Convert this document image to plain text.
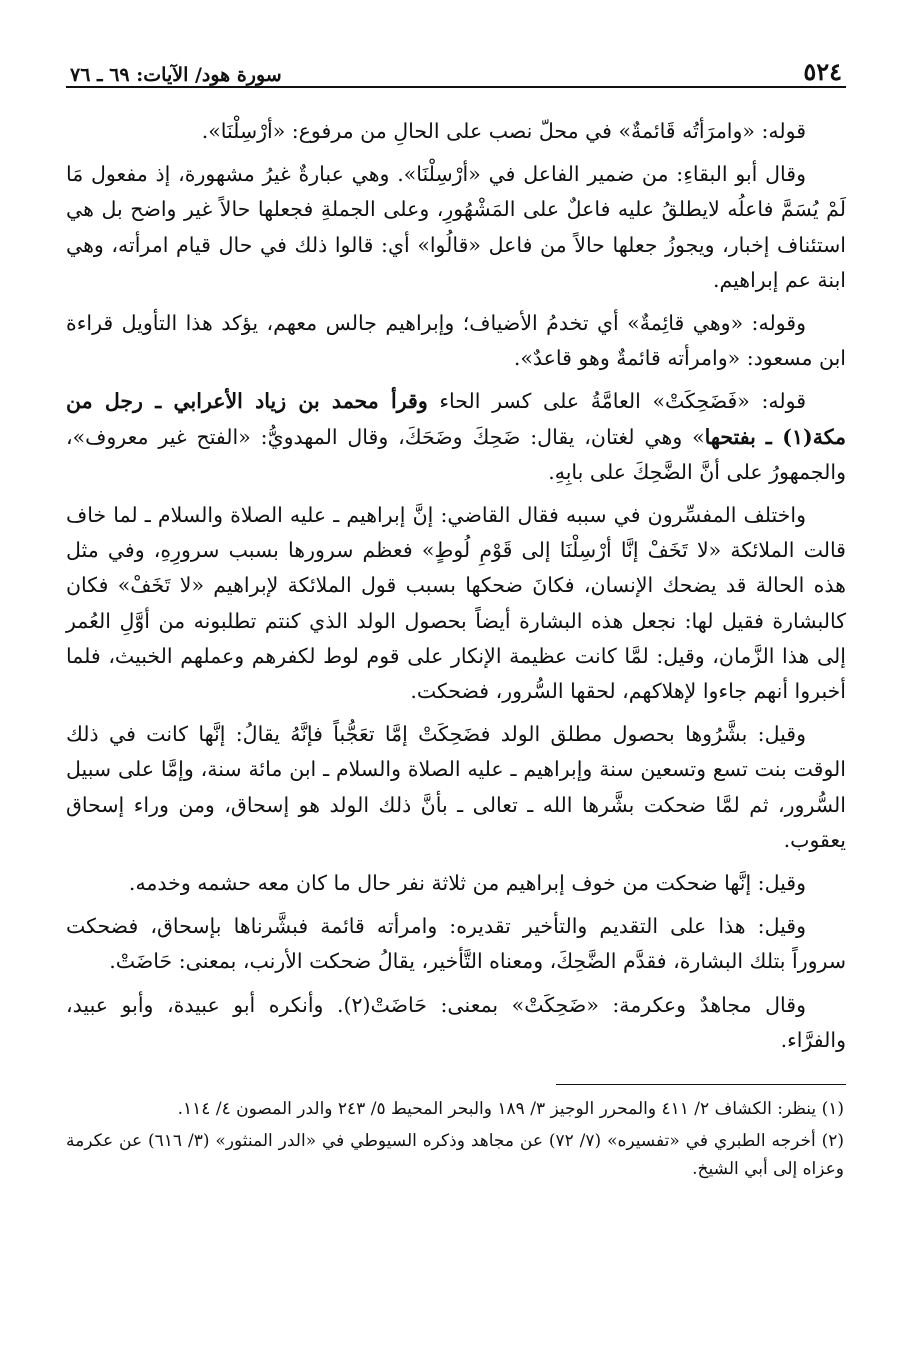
٥٢٤
سورة هود/ الآيات: ٦٩ ـ ٧٦

قوله: «وامرَأتُه قَائمةٌ» في محلّ نصب على الحالِ من مرفوع: «أرْسِلْنَا».

وقال أبو البقاءِ: من ضمير الفاعل في «أرْسِلْنَا». وهي عبارةٌ غيرُ مشهورة، إذ مفعول مَا لَمْ يُسَمَّ فاعلُه لايطلقُ عليه فاعلٌ على المَشْهُورِ، وعلى الجملةِ فجعلها حالاً غير واضح بل هي استئناف إخبار، ويجوزُ جعلها حالاً من فاعل «قالُوا» أي: قالوا ذلك في حال قيام امرأته، وهي ابنة عم إبراهيم.

وقوله: «وهي قائِمةٌ» أي تخدمُ الأضياف؛ وإبراهيم جالس معهم، يؤكد هذا التأويل قراءة ابن مسعود: «وامرأته قائمةٌ وهو قاعدٌ».

قوله: «فَضَحِكَتْ» العامَّةُ على كسر الحاء وقرأ محمد بن زياد الأعرابي ـ رجل من مكة(١) ـ بفتحها» وهي لغتان، يقال: ضَحِكَ وضَحَكَ، وقال المهدويُّ: «الفتح غير معروف»، والجمهورُ على أنَّ الضَّحِكَ على بابِهِ.

واختلف المفسِّرون في سببه فقال القاضي: إنَّ إبراهيم ـ عليه الصلاة والسلام ـ لما خاف قالت الملائكة «لا تَخَفْ إنَّا أرْسِلْنَا إلى قَوْمِ لُوطٍ» فعظم سرورها بسبب سرورِهِ، وفي مثل هذه الحالة قد يضحك الإنسان، فكانَ ضحكها بسبب قول الملائكة لإبراهيم «لا تَخَفْ» فكان كالبشارة فقيل لها: نجعل هذه البشارة أيضاً بحصول الولد الذي كنتم تطلبونه من أوَّلِ العُمر إلى هذا الزَّمان، وقيل: لمَّا كانت عظيمة الإنكار على قوم لوط لكفرهم وعملهم الخبيث، فلما أخبروا أنهم جاءوا لإهلاكهم، لحقها السُّرور، فضحكت.

وقيل: بشَّرُوها بحصول مطلق الولد فضَحِكَتْ إمَّا تعَجُّباً فإنَّهُ يقالُ: إنَّها كانت في ذلك الوقت بنت تسع وتسعين سنة وإبراهيم ـ عليه الصلاة والسلام ـ ابن مائة سنة، وإمَّا على سبيل السُّرور، ثم لمَّا ضحكت بشَّرها الله ـ تعالى ـ بأنَّ ذلك الولد هو إسحاق، ومن وراء إسحاق يعقوب.

وقيل: إنَّها ضحكت من خوف إبراهيم من ثلاثة نفر حال ما كان معه حشمه وخدمه.

وقيل: هذا على التقديم والتأخير تقديره: وامرأته قائمة فبشَّرناها بإسحاق، فضحكت سروراً بتلك البشارة، فقدَّم الضَّحِكَ، ومعناه التَّأخير، يقالُ ضحكت الأرنب، بمعنى: حَاضَتْ.

وقال مجاهدٌ وعكرمة: «ضَحِكَتْ» بمعنى: حَاضَتْ(٢). وأنكره أبو عبيدة، وأبو عبيد، والفرَّاء.

(١) ينظر: الكشاف ٢/ ٤١١ والمحرر الوجيز ٣/ ١٨٩ والبحر المحيط ٥/ ٢٤٣ والدر المصون ٤/ ١١٤.

(٢) أخرجه الطبري في «تفسيره» (٧/ ٧٢) عن مجاهد وذكره السيوطي في «الدر المنثور» (٣/ ٦١٦) عن عكرمة وعزاه إلى أبي الشيخ.
